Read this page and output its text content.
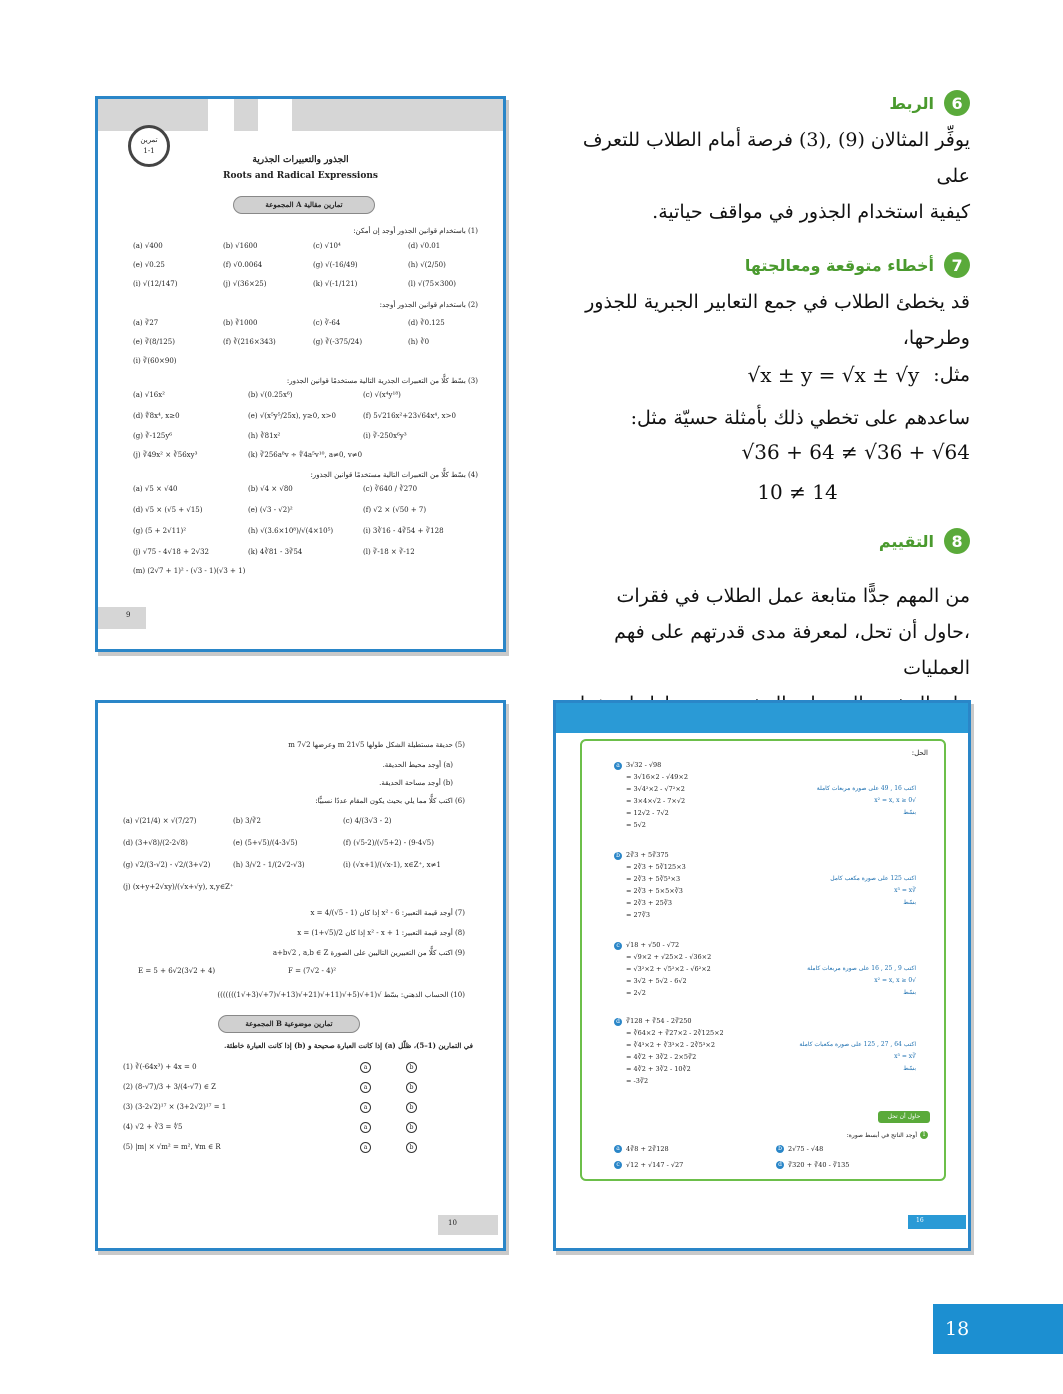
6
الربط

يوفِّر المثالان (9) ,(3) فرصة أمام الطلاب للتعرف على

كيفية استخدام الجذور في مواقف حياتية.

7
أخطاء متوقعة ومعالجتها

قد يخطئ الطلاب في جمع التعابير الجبرية للجذور وطرحها،

مثل:
√x ± y = √x ± √y

ساعدهم على تخطي ذلك بأمثلة حسيّة مثل:

√36 + 64 ≠ √36 + √64
10 ≠ 14
8
التقييم

من المهم جدًّا متابعة عمل الطلاب في فقرات

،حاول أن تحل، لمعرفة مدى قدرتهم على فهم العمليات

تمرين
1-1
الجذور والتعبيرات الجذرية
Roots and Radical Expressions
المجموعة A تمارين مقالية
(1) باستخدام قوانين الجذور أوجد إن أمكن:
(a) √400	(b) √1600	(c) √10⁴	(d) √0.01
(e) √0.25	(f) √0.0064	(g) √(-16/49)	(h) √(2/50)
(i) √(12/147)	(j) √(36×25)	(k) √(-1/121)	(l) √(75×300)
(a) ∛27	(b) ∛1000	(c) ∛-64	(d) ∛0.125
(e) ∛(8/125)	(f) ∛(216×343)	(g) ∛(-375/24)	(h) ∛0
(i) ∛(60×90)
(a) √16x²	(b) √(0.25x⁶)	(c) √(x⁴y¹⁸)
(d) ∜8x⁴, x≥0	(e) √(x⁵y⁵/25x), y≥0, x>0	(f) 5√216x²+23√64x⁴, x>0
(g) ∛-125y⁶	(h) ∛81x²	(i) ∛-250x⁶y³
(j) ∛49x² × ∛56xy³	(k) ∛256a⁸v ÷ ∜4a⁵v¹⁰, a≠0, v≠0
(a) √5 × √40	(b) √4 × √80	(c) ∛640 / ∛270
(d) √5 × (√5 + √15)	(e) (√3 - √2)²	(f) √2 × (√50 + 7)
(g) (5 + 2√11)²	(h) √(3.6×10⁸)/√(4×10⁵)	(i) 3∛16 - 4∛54 + ∛128
(j) √75 - 4√18 + 2√32	(k) 4∛81 - 3∛54	(l) ∛-18 × ∛-12
(m) (2√7 + 1)² - (√3 - 1)(√3 + 1)
(2) باستخدام قوانين الجذور أوجد:
(3) بسّط كلًّا من التعبيرات الجذرية التالية مستخدمًا قوانين الجذور:
(4) بسّط كلًّا من التعبيرات التالية مستخدمًا قوانين الجذور:
9
(5) حديقة مستطيلة الشكل طولها 5√21 m وعرضها 2√7 m
(a) أوجد محيط الحديقة.
(b) أوجد مساحة الحديقة.
(6) اكتب كلًّا مما يلي بحيث يكون المقام عددًا نسبيًّا:
(a) √(21/4) × √(7/27)	(b) 3/∛2	(c) 4/(3√3 - 2)
(d) (3+√8)/(2-2√8)	(e) (5+√5)/(4-3√5)	(f) (√5-2)/(√5+2) - (9-4√5)
(g) √2/(3-√2) - √2/(3+√2)	(h) 3/√2 - 1/(2√2-√3)	(i) (√x+1)/(√x-1), x∈Z⁺, x≠1
(j) (x+y+2√xy)/(√x+√y), x,y∈Z⁺
(7) أوجد قيمة التعبير: x² - 6 إذا كان x = 4/(√5 - 1)
(8) أوجد قيمة التعبير: x² - x + 1 إذا كان x = (1+√5)/2
(9) اكتب كلًّا من التعبيرين التاليين على الصورة a+b√2 , a,b ∈ Z
E = 5 + 6√2(3√2 + 4)	F = (7√2 - 4)²
(10) الحساب الذهني: بسّط √(1+√(5+√(11+√(21+√(13+√(7+√(3+√1)))))))
المجموعة B تمارين موضوعية
في التمارين (1–5)، ظلّل (a) إذا كانت العبارة صحيحة و (b) إذا كانت العبارة خاطئة.
(1) ∛(-64x³) + 4x = 0	a	b
(2) (8-√7)/3 + 3/(4-√7) ∈ Z	a	b
(3) (3-2√2)¹⁷ × (3+2√2)¹⁷ = 1	a	b
(4) √2 + ∛3 = ∜5	a	b
(5) |m| × √m² = m², ∀m ∈ R	a	b
10
الحل:
a 3√32 - √98
= 3√16×2 - √49×2
= 3√4²×2 - √7²×2
= 3×4×√2 - 7×√2
= 12√2 - 7√2
= 5√2
اكتب 16 , 49 على صورة مربعات كاملة
√x² = x, x ≥ 0
بسّط
b 2∛3 + 5∛375
= 2∛3 + 5∛125×3
= 2∛3 + 5∛5³×3
= 2∛3 + 5×5×∛3
= 2∛3 + 25∛3
= 27∛3
اكتب 125 على صورة مكعب كامل
∛x³ = x
بسّط
c √18 + √50 - √72
= √9×2 + √25×2 - √36×2
= √3²×2 + √5²×2 - √6²×2
= 3√2 + 5√2 - 6√2
= 2√2
اكتب 9 , 25 , 16 على صورة مربعات كاملة
√x² = x, x ≥ 0
بسّط
d ∛128 + ∛54 - 2∛250
= ∛64×2 + ∛27×2 - 2∛125×2
= ∛4³×2 + ∛3³×2 - 2∛5³×2
= 4∛2 + 3∛2 - 2×5∛2
= 4∛2 + 3∛2 - 10∛2
= -3∛2
اكتب 64 , 27 , 125 على صورة مكعبات كاملة
∛x³ = x
بسّط
حاول أن تحل
1
أوجد الناتج في أبسط صورة:
a 4∛8 + 2∛128	b 2√75 - √48
c √12 + √147 - √27	d ∛320 + ∛40 - ∛135
16
18
